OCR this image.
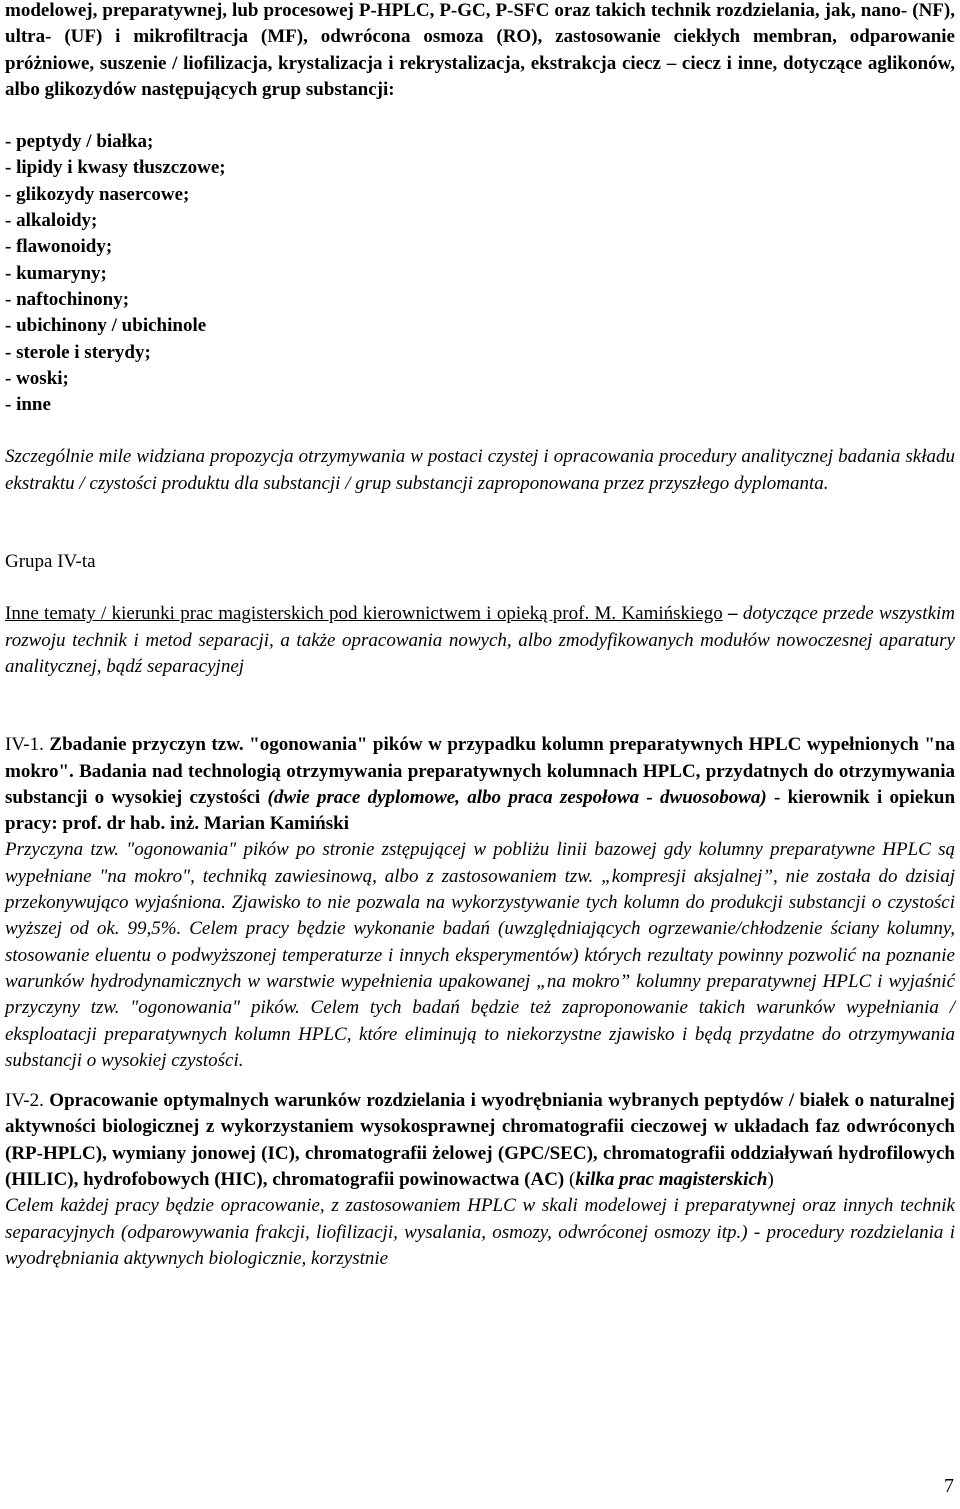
modelowej, preparatywnej, lub procesowej P-HPLC, P-GC, P-SFC oraz takich technik rozdzielania, jak, nano- (NF), ultra- (UF) i mikrofiltracja (MF), odwrócona osmoza (RO), zastosowanie ciekłych membran, odparowanie próżniowe, suszenie / liofilizacja, krystalizacja i rekrystalizacja, ekstrakcja ciecz – ciecz i inne, dotyczące aglikonów, albo glikozydów następujących grup substancji:

- peptydy / białka;
- lipidy i kwasy tłuszczowe;
- glikozydy nasercowe;
- alkaloidy;
- flawonoidy;
- kumaryny;
- naftochinony;
- ubichinony / ubichinole
- sterole i sterydy;
- woski;
- inne

Szczególnie mile widziana propozycja otrzymywania w postaci czystej i opracowania procedury analitycznej badania składu ekstraktu / czystości produktu dla substancji / grup substancji zaproponowana przez przyszłego dyplomanta.

Grupa IV-ta

Inne tematy / kierunki prac magisterskich pod kierownictwem i opieką prof. M. Kamińskiego – dotyczące przede wszystkim rozwoju technik i metod separacji, a także opracowania nowych, albo zmodyfikowanych modułów nowoczesnej aparatury analitycznej, bądź separacyjnej

IV-1. Zbadanie przyczyn tzw. "ogonowania" pików w przypadku kolumn preparatywnych HPLC wypełnionych "na mokro". Badania nad technologią otrzymywania preparatywnych kolumnach HPLC, przydatnych do otrzymywania substancji o wysokiej czystości (dwie prace dyplomowe, albo praca zespołowa - dwuosobowa) - kierownik i opiekun pracy: prof. dr hab. inż. Marian Kamiński

Przyczyna tzw. "ogonowania" pików po stronie zstępującej w pobliżu linii bazowej gdy kolumny preparatywne HPLC są wypełniane "na mokro", techniką zawiesinową, albo z zastosowaniem tzw. „kompresji aksjalnej”, nie została do dzisiaj przekonywująco wyjaśniona. Zjawisko to nie pozwala na wykorzystywanie tych kolumn do produkcji substancji o czystości wyższej od ok. 99,5%. Celem pracy będzie wykonanie badań (uwzględniających ogrzewanie/chłodzenie ściany kolumny, stosowanie eluentu o podwyższonej temperaturze i innych eksperymentów) których rezultaty powinny pozwolić na poznanie warunków hydrodynamicznych w warstwie wypełnienia upakowanej „na mokro” kolumny preparatywnej HPLC i wyjaśnić przyczyny tzw. "ogonowania" pików. Celem tych badań będzie też zaproponowanie takich warunków wypełniania / eksploatacji preparatywnych kolumn HPLC, które eliminują to niekorzystne zjawisko i będą przydatne do otrzymywania substancji o wysokiej czystości.

IV-2. Opracowanie optymalnych warunków rozdzielania i wyodrębniania wybranych peptydów / białek o naturalnej aktywności biologicznej z wykorzystaniem wysokosprawnej chromatografii cieczowej w układach faz odwróconych (RP-HPLC), wymiany jonowej (IC), chromatografii żelowej (GPC/SEC), chromatografii oddziaływań hydrofilowych (HILIC), hydrofobowych (HIC), chromatografii powinowactwa (AC) (kilka prac magisterskich)

Celem każdej pracy będzie opracowanie, z zastosowaniem HPLC w skali modelowej i preparatywnej oraz innych technik separacyjnych (odparowywania frakcji, liofilizacji, wysalania, osmozy, odwróconej osmozy itp.) - procedury rozdzielania i wyodrębniania aktywnych biologicznie, korzystnie

7
